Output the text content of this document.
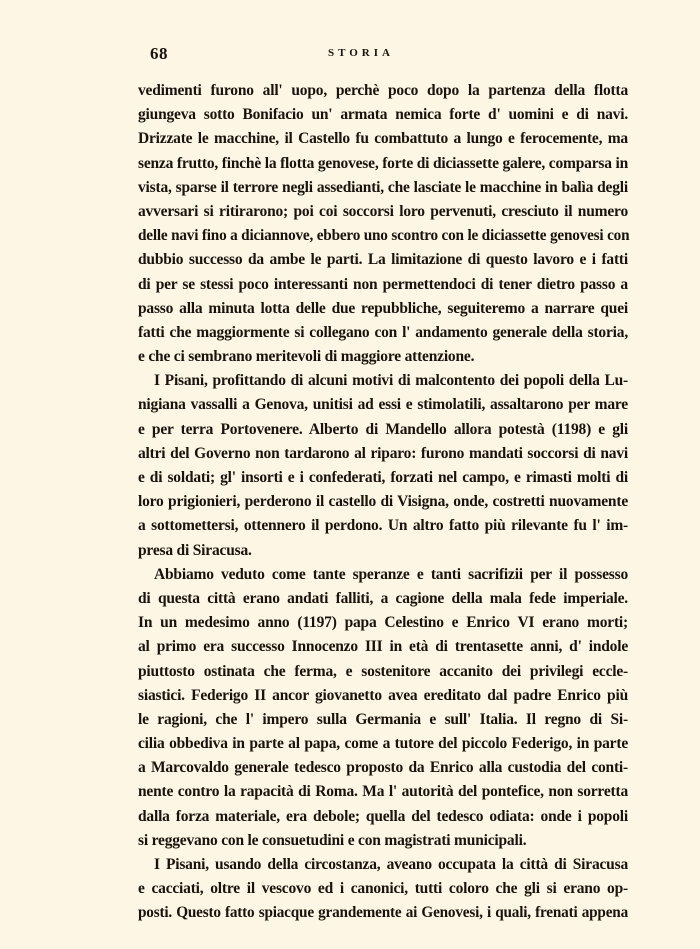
68	STORIA
vedimenti furono all' uopo, perchè poco dopo la partenza della flotta
giungeva sotto Bonifacio un' armata nemica forte d' uomini e di navi.
Drizzate le macchine, il Castello fu combattuto a lungo e ferocemente, ma
senza frutto, finchè la flotta genovese, forte di diciassette galere, comparsa in
vista, sparse il terrore negli assedianti, che lasciate le macchine in balìa degli
avversari si ritirarono; poi coi soccorsi loro pervenuti, cresciuto il numero
delle navi fino a diciannove, ebbero uno scontro con le diciassette genovesi con
dubbio successo da ambe le parti. La limitazione di questo lavoro e i fatti
di per se stessi poco interessanti non permettendoci di tener dietro passo a
passo alla minuta lotta delle due repubbliche, seguiteremo a narrare quei
fatti che maggiormente si collegano con l' andamento generale della storia,
e che ci sembrano meritevoli di maggiore attenzione.
I Pisani, profittando di alcuni motivi di malcontento dei popoli della Lu-
nigiana vassalli a Genova, unitisi ad essi e stimolatili, assaltarono per mare
e per terra Portovenere. Alberto di Mandello allora potestà (1198) e gli
altri del Governo non tardarono al riparo: furono mandati soccorsi di navi
e di soldati; gl' insorti e i confederati, forzati nel campo, e rimasti molti di
loro prigionieri, perderono il castello di Visigna, onde, costretti nuovamente
a sottomettersi, ottennero il perdono. Un altro fatto più rilevante fu l' im-
presa di Siracusa.
Abbiamo veduto come tante speranze e tanti sacrifizii per il possesso
di questa città erano andati falliti, a cagione della mala fede imperiale.
In un medesimo anno (1197) papa Celestino e Enrico VI erano morti;
al primo era successo Innocenzo III in età di trentasette anni, d' indole
piuttosto ostinata che ferma, e sostenitore accanito dei privilegi eccle-
siastici. Federigo II ancor giovanetto avea ereditato dal padre Enrico più
le ragioni, che l' impero sulla Germania e sull' Italia. Il regno di Si-
cilia obbediva in parte al papa, come a tutore del piccolo Federigo, in parte
a Marcovaldo generale tedesco proposto da Enrico alla custodia del conti-
nente contro la rapacità di Roma. Ma l' autorità del pontefice, non sorretta
dalla forza materiale, era debole; quella del tedesco odiata: onde i popoli
si reggevano con le consuetudini e con magistrati municipali.
I Pisani, usando della circostanza, aveano occupata la città di Siracusa
e cacciati, oltre il vescovo ed i canonici, tutti coloro che gli si erano op-
posti. Questo fatto spiacque grandemente ai Genovesi, i quali, frenati appena
